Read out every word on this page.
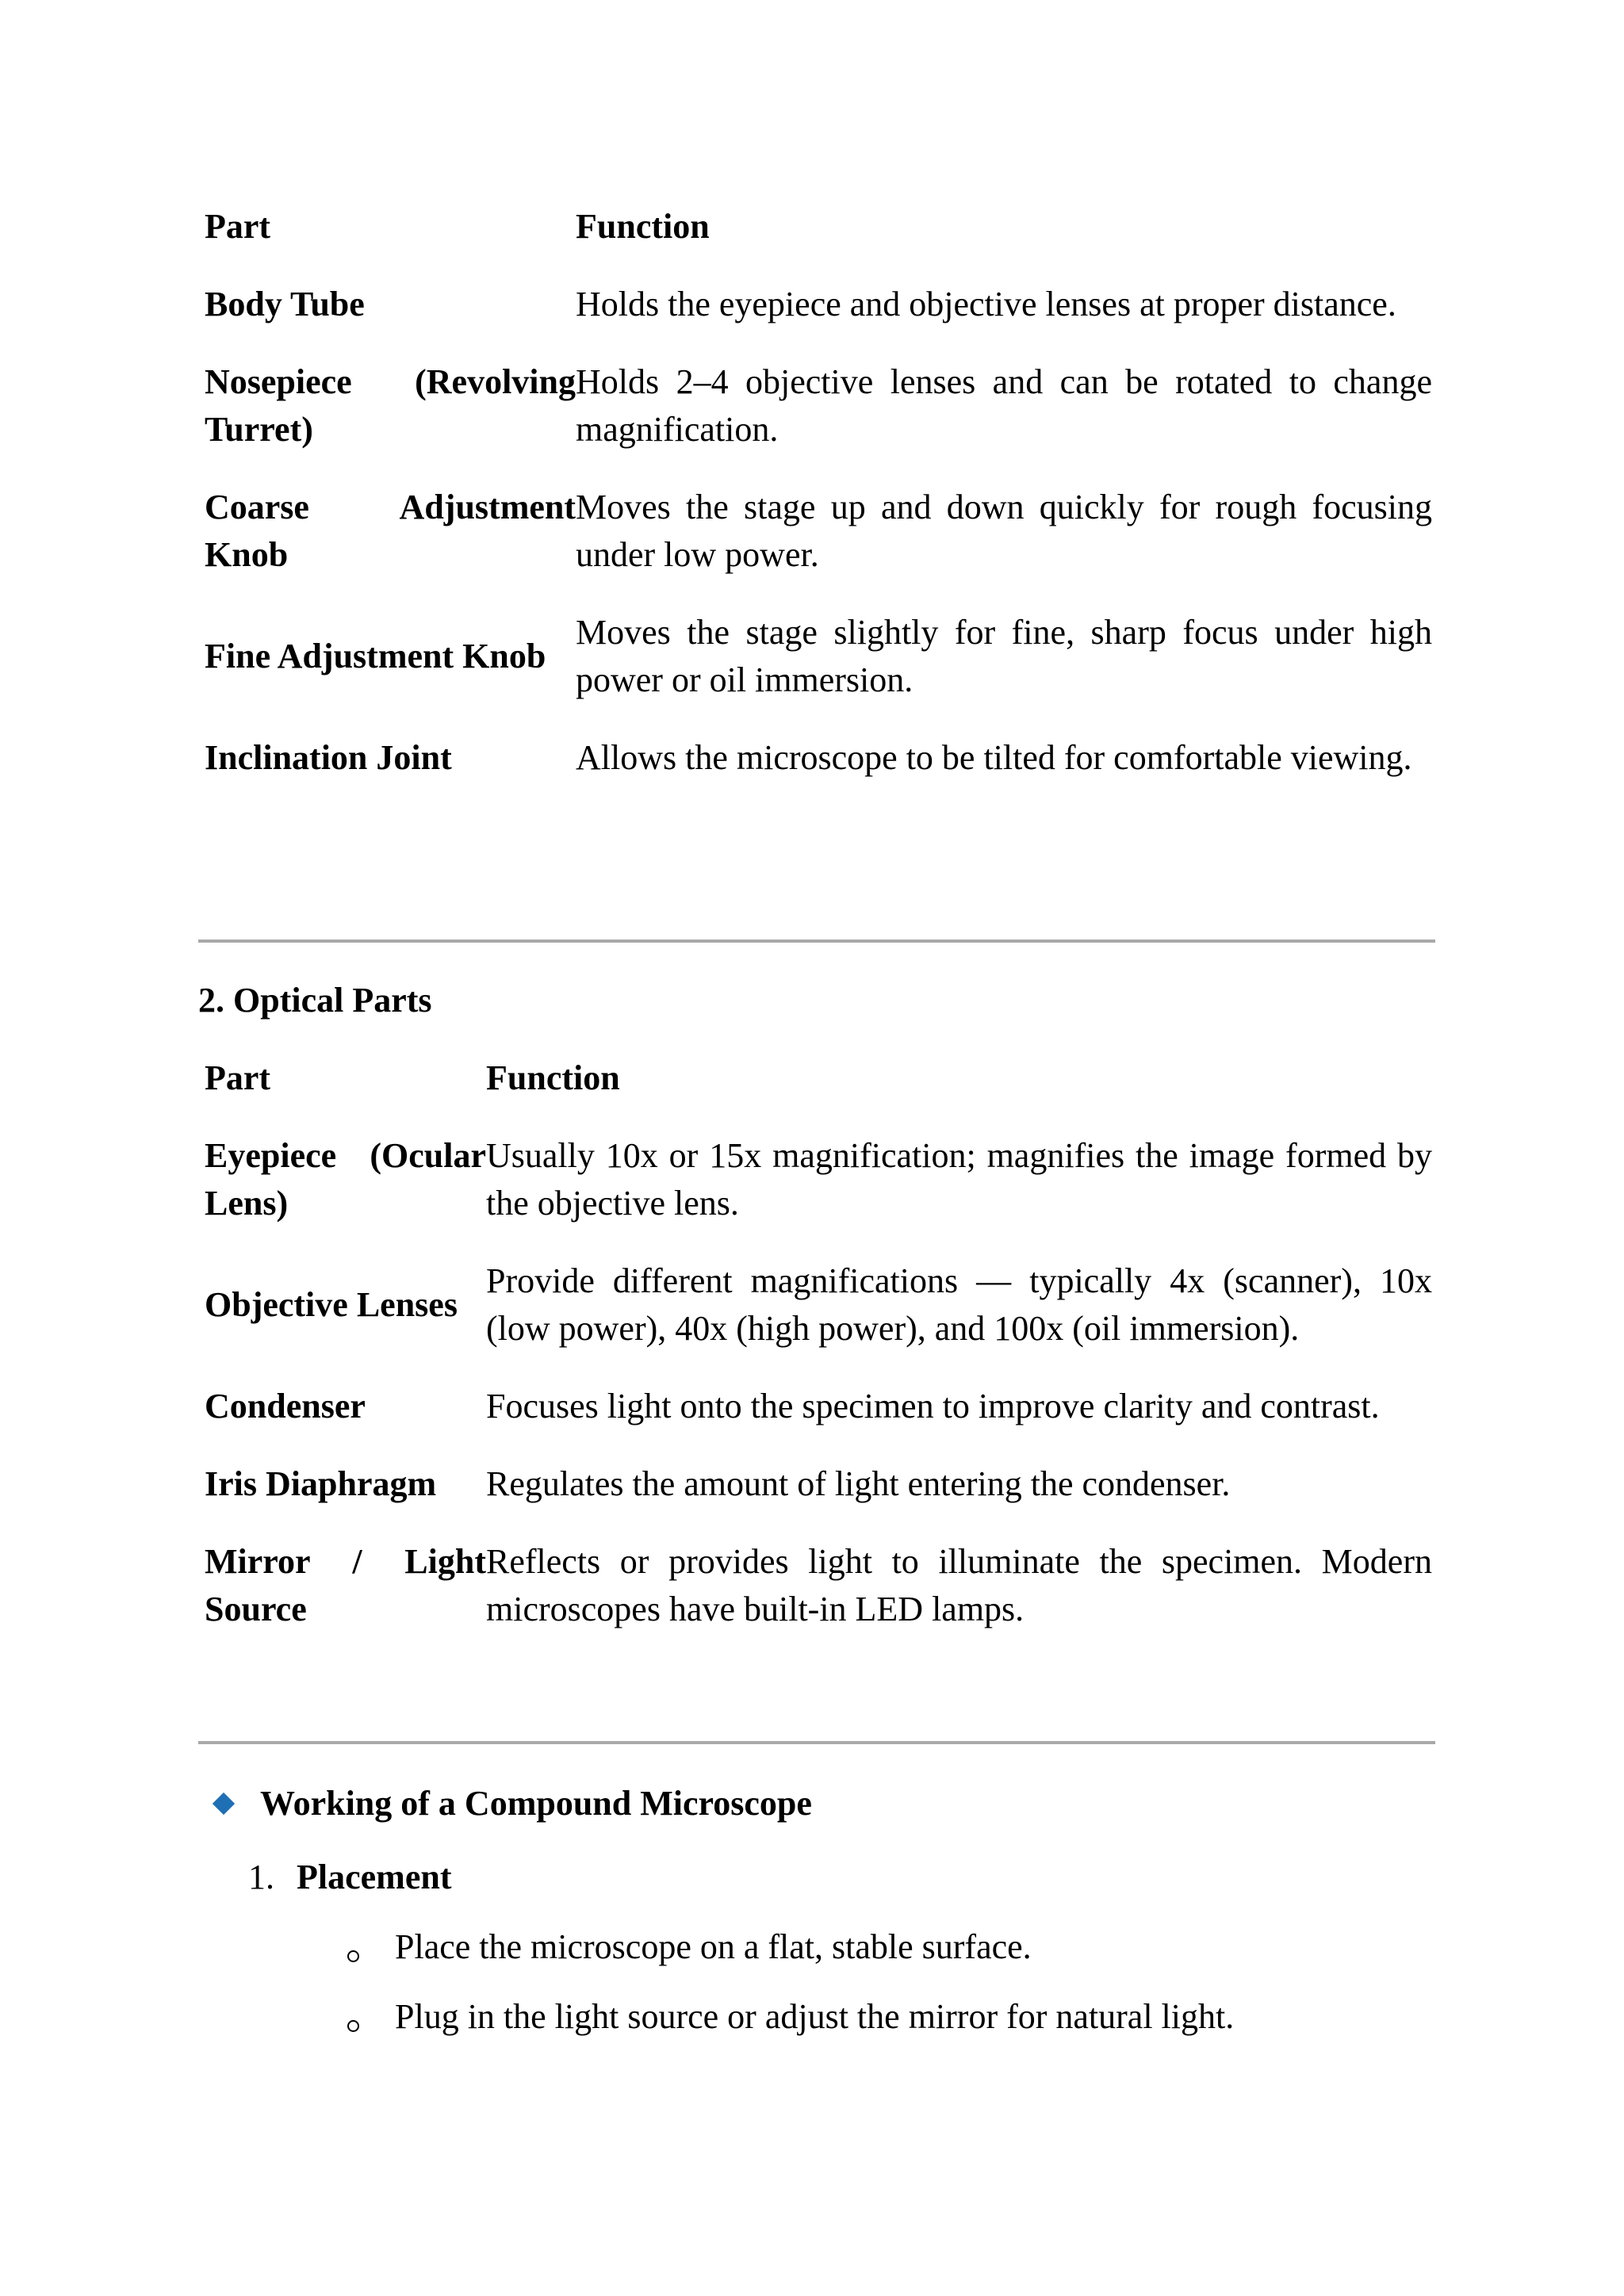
Part	Function

Body Tube	Holds the eyepiece and objective lenses at proper distance.

Nosepiece (Revolving Turret)	Holds 2–4 objective lenses and can be rotated to change magnification.

Coarse Adjustment Knob	Moves the stage up and down quickly for rough focusing under low power.

Fine Adjustment Knob	Moves the stage slightly for fine, sharp focus under high power or oil immersion.

Inclination Joint	Allows the microscope to be tilted for comfortable viewing.
2. Optical Parts
Part	Function

Eyepiece (Ocular Lens)	Usually 10x or 15x magnification; magnifies the image formed by the objective lens.

Objective Lenses	Provide different magnifications — typically 4x (scanner), 10x (low power), 40x (high power), and 100x (oil immersion).

Condenser	Focuses light onto the specimen to improve clarity and contrast.

Iris Diaphragm	Regulates the amount of light entering the condenser.

Mirror / Light Source	Reflects or provides light to illuminate the specimen. Modern microscopes have built-in LED lamps.
Working of a Compound Microscope
1. Placement
Place the microscope on a flat, stable surface.
Plug in the light source or adjust the mirror for natural light.
